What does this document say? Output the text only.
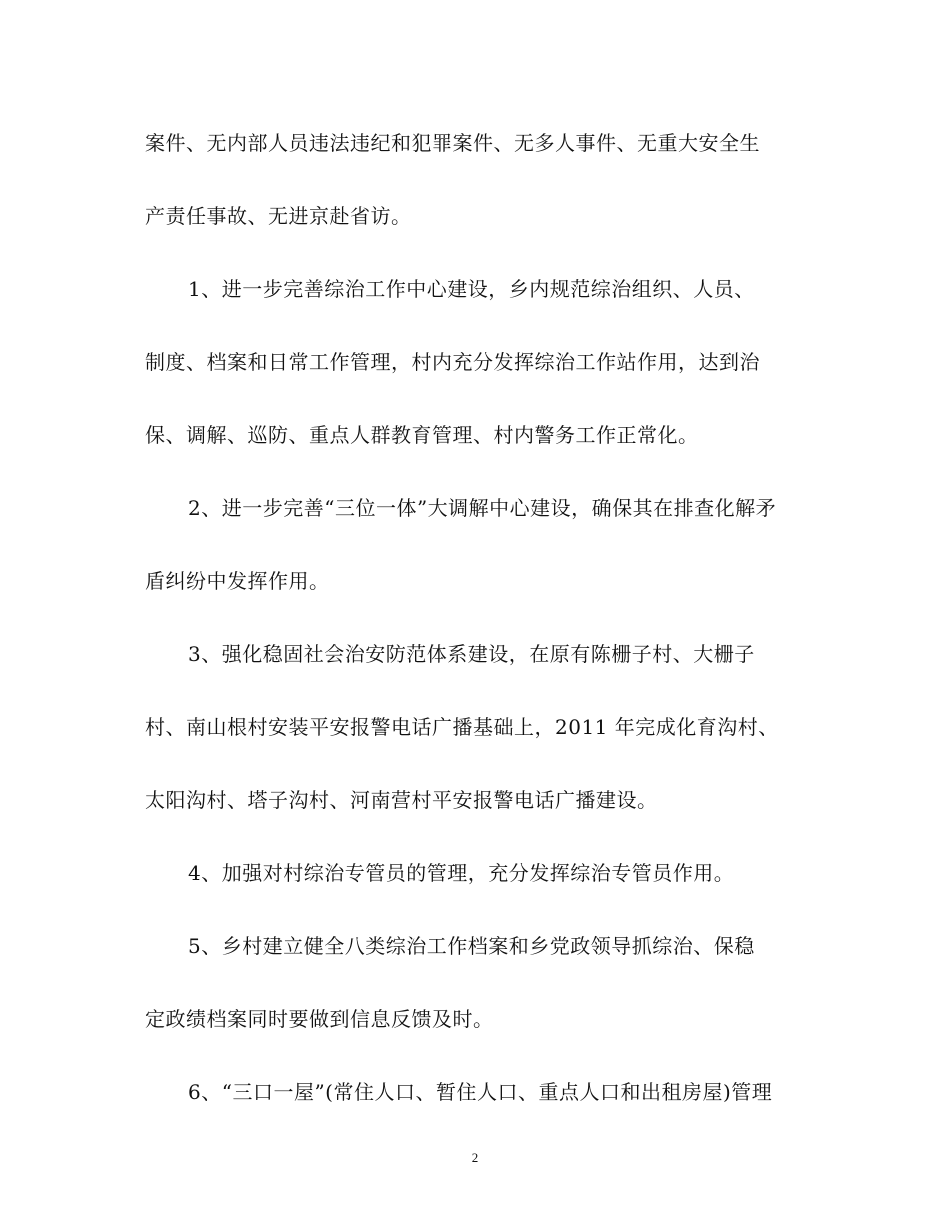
案件、无内部人员违法违纪和犯罪案件、无多人事件、无重大安全生
产责任事故、无进京赴省访。
1、进一步完善综治工作中心建设，乡内规范综治组织、人员、
制度、档案和日常工作管理，村内充分发挥综治工作站作用，达到治
保、调解、巡防、重点人群教育管理、村内警务工作正常化。
2、进一步完善“三位一体”大调解中心建设，确保其在排查化解矛
盾纠纷中发挥作用。
3、强化稳固社会治安防范体系建设，在原有陈栅子村、大栅子
村、南山根村安装平安报警电话广播基础上，2011 年完成化育沟村、
太阳沟村、塔子沟村、河南营村平安报警电话广播建设。
4、加强对村综治专管员的管理，充分发挥综治专管员作用。
5、乡村建立健全八类综治工作档案和乡党政领导抓综治、保稳
定政绩档案同时要做到信息反馈及时。
6、“三口一屋”(常住人口、暂住人口、重点人口和出租房屋)管理
2
